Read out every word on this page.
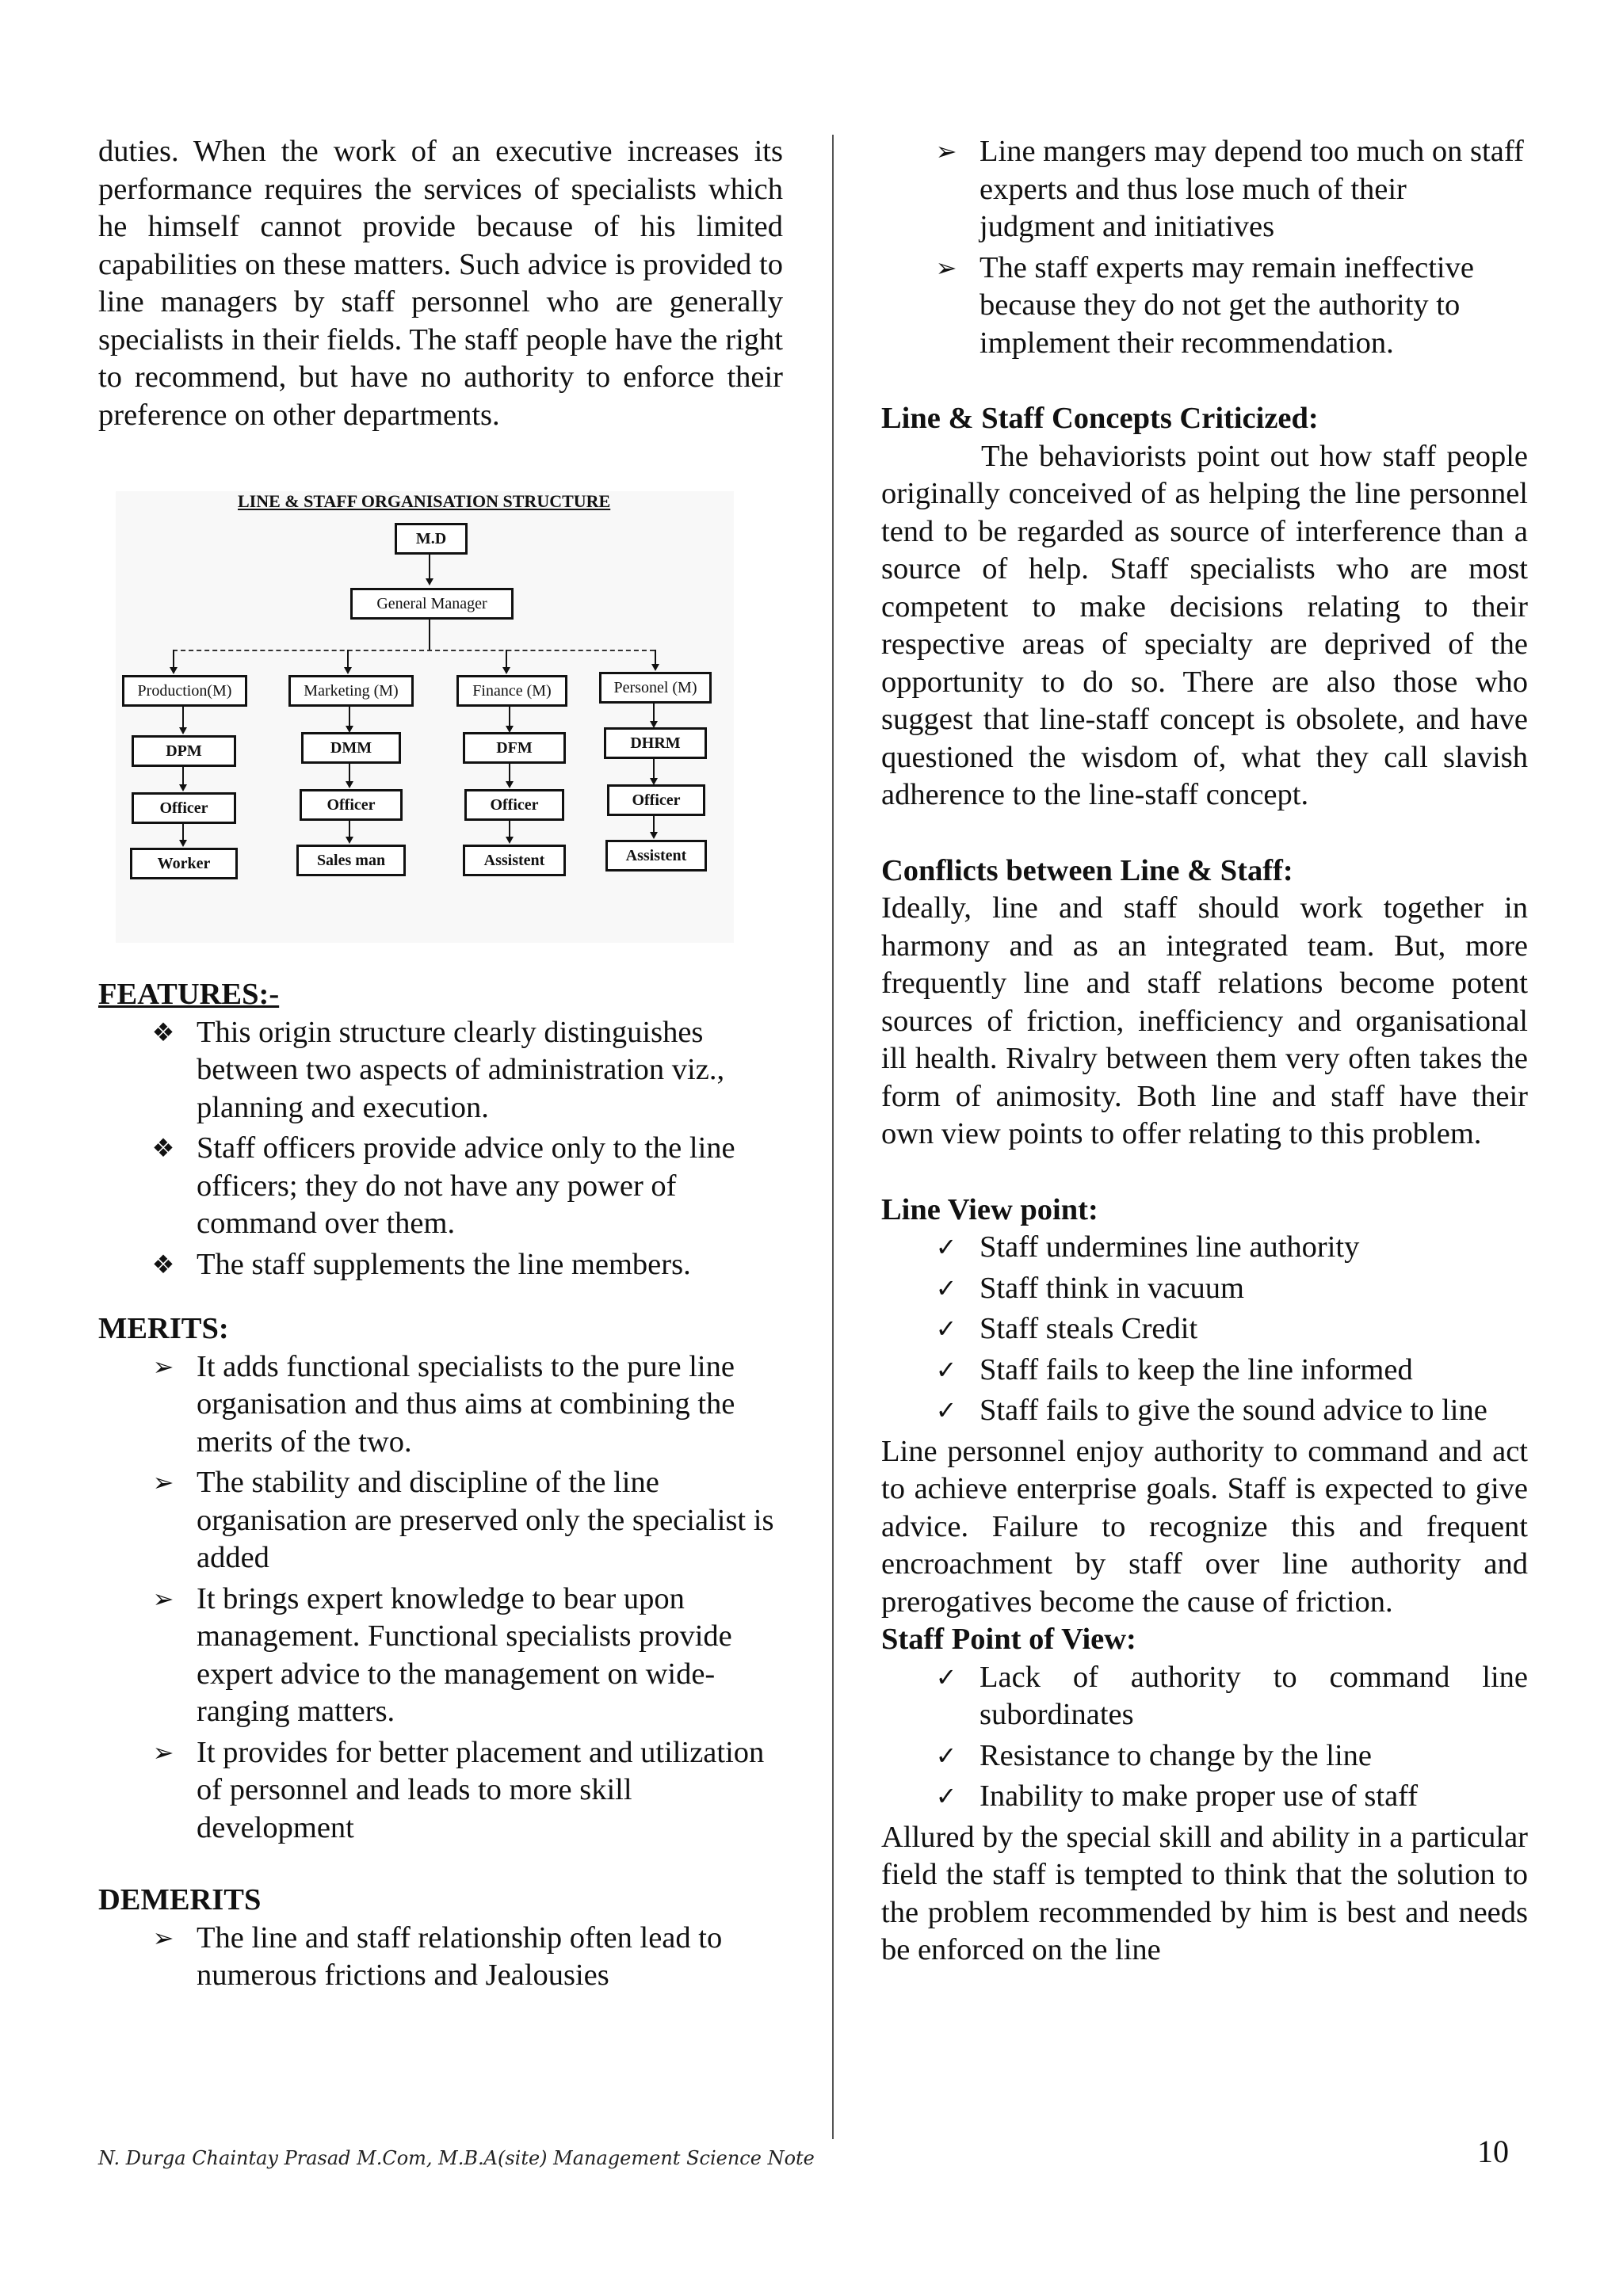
duties. When the work of an executive increases its performance requires the services of specialists which he himself cannot provide because of his limited capabilities on these matters. Such advice is provided to line managers by staff personnel who are generally specialists in their fields. The staff people have the right to recommend, but have no authority to enforce their preference on other departments.

LINE & STAFF ORGANISATION STRUCTURE
M.D
General Manager
Production(M)	Marketing (M)	Finance (M)	Personel (M)
DPM	DMM	DFM	DHRM
Officer	Officer	Officer	Officer
Worker	Sales man	Assistent	Assistent

FEATURES:-

❖ This origin structure clearly distinguishes between two aspects of administration viz., planning and execution.
❖ Staff officers provide advice only to the line officers; they do not have any power of command over them.
❖ The staff supplements the line members.

MERITS:

➢ It adds functional specialists to the pure line organisation and thus aims at combining the merits of the two.
➢ The stability and discipline of the line organisation are preserved only the specialist is added
➢ It brings expert knowledge to bear upon management. Functional specialists provide expert advice to the management on wide-ranging matters.
➢ It provides for better placement and utilization of personnel and leads to more skill development

DEMERITS

➢ The line and staff relationship often lead to numerous frictions and Jealousies
➢ Line mangers may depend too much on staff experts and thus lose much of their judgment and initiatives
➢ The staff experts may remain ineffective because they do not get the authority to implement their recommendation.

Line & Staff Concepts Criticized:

The behaviorists point out how staff people originally conceived of as helping the line personnel tend to be regarded as source of interference than a source of help. Staff specialists who are most competent to make decisions relating to their respective areas of specialty are deprived of the opportunity to do so. There are also those who suggest that line-staff concept is obsolete, and have questioned the wisdom of, what they call slavish adherence to the line-staff concept.

Conflicts between Line & Staff:

Ideally, line and staff should work together in harmony and as an integrated team. But, more frequently line and staff relations become potent sources of friction, inefficiency and organisational ill health. Rivalry between them very often takes the form of animosity. Both line and staff have their own view points to offer relating to this problem.

Line View point:

✓ Staff undermines line authority
✓ Staff think in vacuum
✓ Staff steals Credit
✓ Staff fails to keep the line informed
✓ Staff fails to give the sound advice to line

Line personnel enjoy authority to command and act to achieve enterprise goals. Staff is expected to give advice. Failure to recognize this and frequent encroachment by staff over line authority and prerogatives become the cause of friction.

Staff Point of View:

✓ Lack of authority to command line subordinates
✓ Resistance to change by the line
✓ Inability to make proper use of staff

Allured by the special skill and ability in a particular field the staff is tempted to think that the solution to the problem recommended by him is best and needs be enforced on the line

N. Durga Chaintay Prasad M.Com, M.B.A(site) Management Science Note	10
